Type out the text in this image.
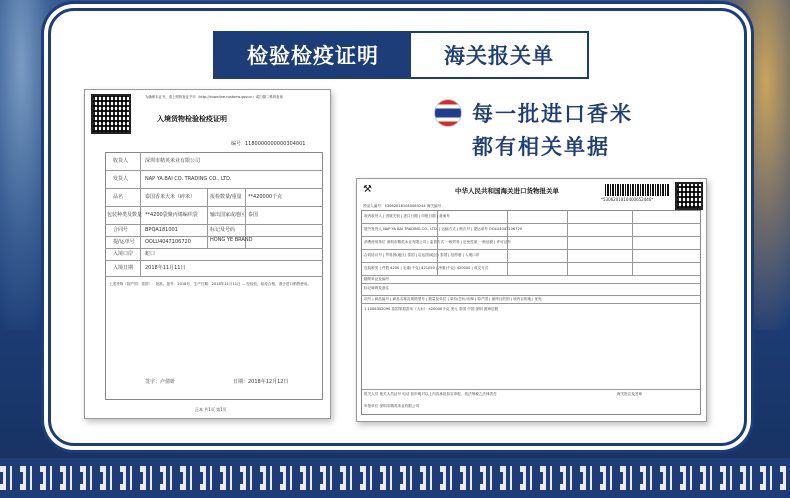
检验检疫证明	海关报关单
为确保本证书，请上网核查证书号（http://ciqonline.customs.gov.cn）或扫描二维码查询
入境货物检验检疫证明
编号 1180000000000304001
收货人	深圳市精英米业有限公司
发货人	NAP YA.BAI CO. TRADING CO., LTD.
品名	泰国香米大米（碎米）	报检数量/重量 **420000千克
包装种类及数量 **4200袋聚丙烯编织袋 输出国家或地区 泰国
合同号	BPQA181001	标记及号码
HONG YE BRAND
提/运单号 OOLU4047106720
入境口岸 蛇口
入境日期 2018年11月11日
上述货物（除产国：泰国）：批准。批号：2018号，生产日期：2018年11月11日 ... 经检验，检疫合格，准予进口销售使用。
签字：卢倩妍	日期：2018年12月12日
正本 共1页 第1页
每一批进口香米
都有相关单据
⚒	中华人民共和国海关进口货物报关单
*5306201810400652446*
预录入编号：530620181040065244 海关编号：
境内收货人 | 进境关别 | 进口日期 | 申报日期 | 备案号
境外发货人 NAP YA BAI TRADING CO., LTD. | 运输方式 | 航次号 | 提运单号 OOLU4047106720
消费使用单位 深圳市精英米业有限公司 | 监管方式 一般贸易 | 征免性质 一般征税 | 许可证号
合同协议号 | 贸易国(地区) 泰国 | 启运国(地区) 泰国 | 经停港 | 入境口岸
包装种类 | 件数 4200 | 毛重(千克) 421050 | 净重(千克) 420000 | 成交方式
随附单证及编号
标记唛码及备注
项号 | 商品编号 | 商品名称及规格型号 | 数量及单位 | 单价/总价/币制 | 原产国 | 最终目的国 | 境内目的地 | 征免
1 1006302090 泰国茉莉香米（大米） 420000千克 美元 泰国 中国 深圳 照章征税
报关人员 报关人员证号 电话 兹申明对以上内容承担如实申报、依法纳税之法律责任	海关批注及签章
申报单位 深圳市精英米业有限公司
